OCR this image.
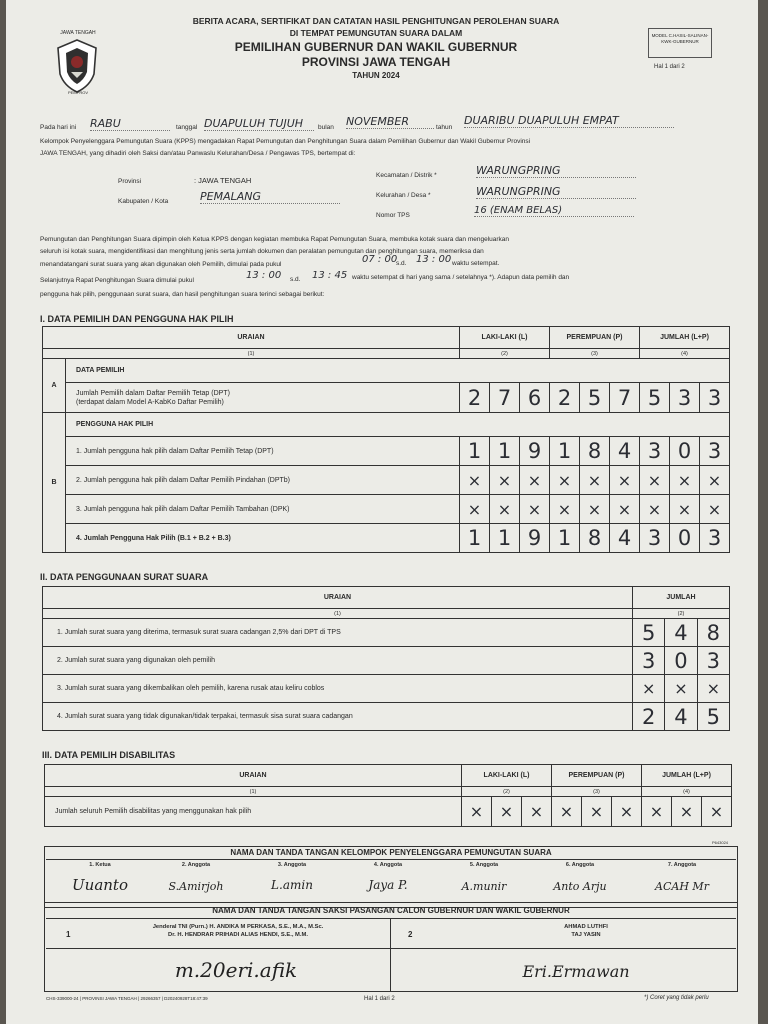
JAWA TENGAH
PEMPROV
BERITA ACARA, SERTIFIKAT DAN CATATAN HASIL PENGHITUNGAN PEROLEHAN SUARA
DI TEMPAT PEMUNGUTAN SUARA DALAM
PEMILIHAN GUBERNUR DAN WAKIL GUBERNUR
PROVINSI JAWA TENGAH
TAHUN 2024
MODEL C.HASIL-SALINAN-KWK-GUBERNUR
Hal 1 dari 2
Pada hari ini RABU	tanggal DUAPULUH TUJUH	bulan NOVEMBER	tahun
DUARIBU DUAPULUH EMPAT
Kelompok Penyelenggara Pemungutan Suara (KPPS) mengadakan Rapat Pemungutan dan Penghitungan Suara dalam Pemilihan Gubernur dan Wakil Gubernur Provinsi
JAWA TENGAH, yang dihadiri oleh Saksi dan/atau Panwaslu Kelurahan/Desa / Pengawas TPS, bertempat di:
Provinsi	: JAWA TENGAH
Kabupaten / Kota	PEMALANG
Kecamatan / Distrik *	WARUNGPRING
Kelurahan / Desa *	WARUNGPRING
Nomor TPS	16 (ENAM BELAS)
Pemungutan dan Penghitungan Suara dipimpin oleh Ketua KPPS dengan kegiatan membuka Rapat Pemungutan Suara, membuka kotak suara dan mengeluarkan
seluruh isi kotak suara, mengidentifikasi dan menghitung jenis serta jumlah dokumen dan peralatan pemungutan dan penghitungan suara, memeriksa dan
menandatangani surat suara yang akan digunakan oleh Pemilih, dimulai pada pukul	07 : 00
s.d. 13 : 00 waktu setempat.
Selanjutnya Rapat Penghitungan Suara dimulai pukul	13 : 00 s.d. 13 : 45 waktu setempat di hari yang sama / setelahnya *). Adapun data pemilih dan
pengguna hak pilih, penggunaan surat suara, dan hasil penghitungan suara terinci sebagai berikut:
I. DATA PEMILIH DAN PENGGUNA HAK PILIH
URAIAN		LAKI-LAKI (L)			PEREMPUAN (P)			JUMLAH (L+P)		
(1)		(2)			(3)			(4)		
A	DATA PEMILIH									

	Jumlah Pemilih dalam Daftar Pemilih Tetap (DPT)
(terdapat dalam Model A-KabKo Daftar Pemilih)	2	7	6	2	5	7	5	3	3
B	PENGGUNA HAK PILIH									
	1. Jumlah pengguna hak pilih dalam Daftar Pemilih Tetap (DPT)	1	1	9	1	8	4	3	0	3
	2. Jumlah pengguna hak pilih dalam Daftar Pemilih Pindahan (DPTb)	×	×	×	×	×	×	×	×	×
	3. Jumlah pengguna hak pilih dalam Daftar Pemilih Tambahan (DPK)	×	×	×	×	×	×	×	×	×
	4. Jumlah Pengguna Hak Pilih (B.1 + B.2 + B.3)	1	1	9	1	8	4	3	0	3
II. DATA PENGGUNAAN SURAT SUARA
URAIAN	JUMLAH		
(1)	(2)		
1. Jumlah surat suara yang diterima, termasuk surat suara cadangan 2,5% dari DPT di TPS	5	4	8
2. Jumlah surat suara yang digunakan oleh pemilih	3	0	3
3. Jumlah surat suara yang dikembalikan oleh pemilih, karena rusak atau keliru coblos	×	×	×
4. Jumlah surat suara yang tidak digunakan/tidak terpakai, termasuk sisa surat suara cadangan	2	4	5
III. DATA PEMILIH DISABILITAS
URAIAN	LAKI-LAKI (L)			PEREMPUAN (P)			JUMLAH (L+P)		
(1)	(2)			(3)			(4)		
Jumlah seluruh Pemilih disabilitas yang menggunakan hak pilih	×	×	×	×	×	×	×	×	×
P643024
NAMA DAN TANDA TANGAN KELOMPOK PENYELENGGARA PEMUNGUTAN SUARA
1. Ketua
Uuanto
2. Anggota
S.Amirjoh
3. Anggota
L.amin
4. Anggota
Jaya P.
5. Anggota
A.munir
6. Anggota
Anto Arju
7. Anggota
ACAH Mr
NAMA DAN TANDA TANGAN SAKSI PASANGAN CALON GUBERNUR DAN WAKIL GUBERNUR
1
Jenderal TNI (Purn.) H. ANDIKA M PERKASA, S.E., M.A., M.Sc.
Dr. H. HENDRAR PRIHADI ALIAS HENDI, S.E., M.M.	2
AHMAD LUTHFI
TAJ YASIN
m.20eri.afik	Eri.Ermawan
CHS-339000-24 | PROVINSI JAWA TENGAH | 29266357 | D20240928T18:47:39	Hal 1 dari 2	*) Coret yang tidak perlu
